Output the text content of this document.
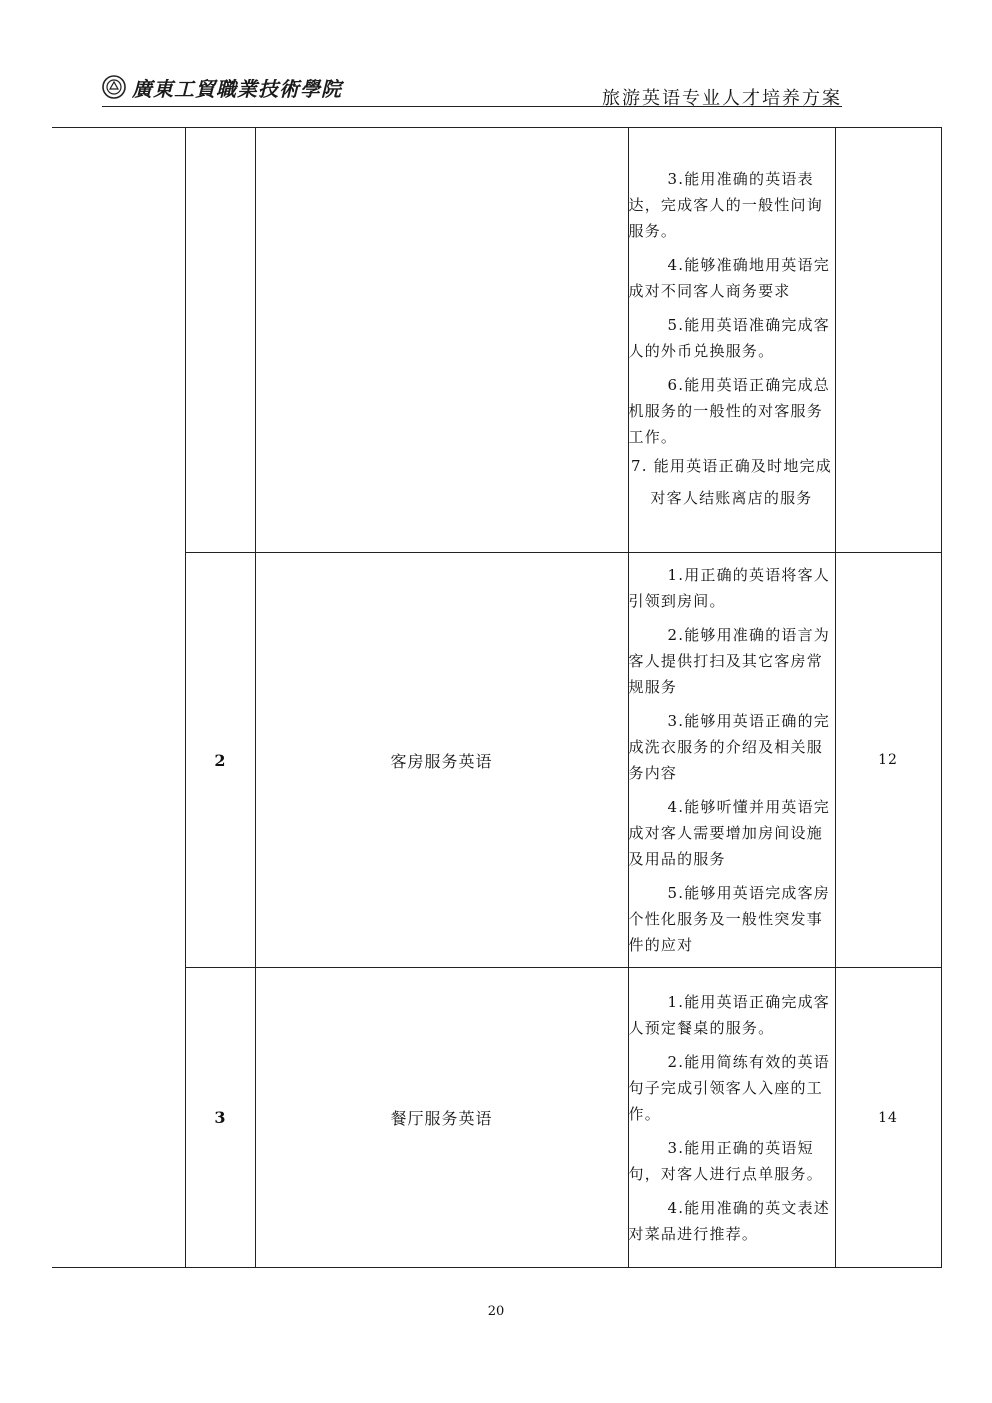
廣東工貿職業技術學院	旅游英语专业人才培养方案

			3.能用准确的英语表达，完成客人的一般性问询服务。

4.能够准确地用英语完成对不同客人商务要求

5.能用英语准确完成客人的外币兑换服务。

6.能用英语正确完成总机服务的一般性的对客服务工作。

7. 能用英语正确及时地完成对客人结账离店的服务	

	2	客房服务英语	1.用正确的英语将客人引领到房间。

2.能够用准确的语言为客人提供打扫及其它客房常规服务

3.能够用英语正确的完成洗衣服务的介绍及相关服务内容

4.能够听懂并用英语完成对客人需要增加房间设施及用品的服务

5.能够用英语完成客房个性化服务及一般性突发事件的应对	12
	3	餐厅服务英语	1.能用英语正确完成客人预定餐桌的服务。

2.能用简练有效的英语句子完成引领客人入座的工作。

3.能用正确的英语短句，对客人进行点单服务。

4.能用准确的英文表述对菜品进行推荐。	14
20
